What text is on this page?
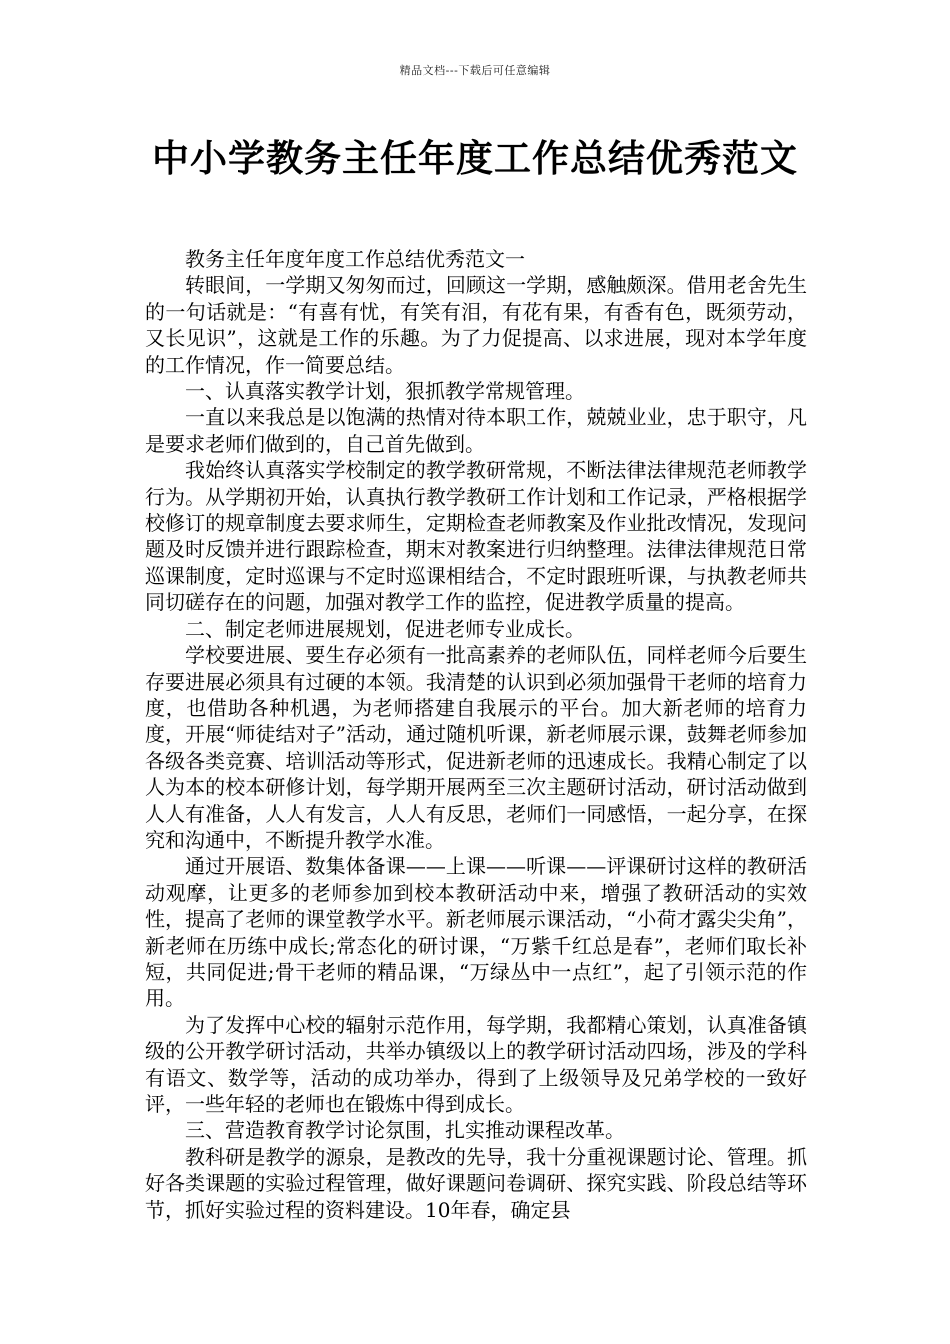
精品文档---下载后可任意编辑
中小学教务主任年度工作总结优秀范文

教务主任年度年度工作总结优秀范文一

转眼间，一学期又匆匆而过，回顾这一学期，感触颇深。借用老舍先生的一句话就是：“有喜有忧，有笑有泪，有花有果，有香有色，既须劳动，又长见识”，这就是工作的乐趣。为了力促提高、以求进展，现对本学年度的工作情况，作一简要总结。

一、认真落实教学计划，狠抓教学常规管理。

一直以来我总是以饱满的热情对待本职工作，兢兢业业，忠于职守，凡是要求老师们做到的，自己首先做到。

我始终认真落实学校制定的教学教研常规，不断法律法律规范老师教学行为。从学期初开始，认真执行教学教研工作计划和工作记录，严格根据学校修订的规章制度去要求师生，定期检查老师教案及作业批改情况，发现问题及时反馈并进行跟踪检查，期末对教案进行归纳整理。法律法律规范日常巡课制度，定时巡课与不定时巡课相结合，不定时跟班听课，与执教老师共同切磋存在的问题，加强对教学工作的监控，促进教学质量的提高。

二、制定老师进展规划，促进老师专业成长。

学校要进展、要生存必须有一批高素养的老师队伍，同样老师今后要生存要进展必须具有过硬的本领。我清楚的认识到必须加强骨干老师的培育力度，也借助各种机遇，为老师搭建自我展示的平台。加大新老师的培育力度，开展“师徒结对子”活动，通过随机听课，新老师展示课，鼓舞老师参加各级各类竞赛、培训活动等形式，促进新老师的迅速成长。我精心制定了以人为本的校本研修计划，每学期开展两至三次主题研讨活动，研讨活动做到人人有准备，人人有发言，人人有反思，老师们一同感悟，一起分享，在探究和沟通中，不断提升教学水准。

通过开展语、数集体备课——上课——听课——评课研讨这样的教研活动观摩，让更多的老师参加到校本教研活动中来，增强了教研活动的实效性，提高了老师的课堂教学水平。新老师展示课活动，“小荷才露尖尖角”，新老师在历练中成长;常态化的研讨课，“万紫千红总是春”，老师们取长补短，共同促进;骨干老师的精品课，“万绿丛中一点红”，起了引领示范的作用。

为了发挥中心校的辐射示范作用，每学期，我都精心策划，认真准备镇级的公开教学研讨活动，共举办镇级以上的教学研讨活动四场，涉及的学科有语文、数学等，活动的成功举办，得到了上级领导及兄弟学校的一致好评，一些年轻的老师也在锻炼中得到成长。

三、营造教育教学讨论氛围，扎实推动课程改革。

教科研是教学的源泉，是教改的先导，我十分重视课题讨论、管理。抓好各类课题的实验过程管理，做好课题问卷调研、探究实践、阶段总结等环节，抓好实验过程的资料建设。10年春，确定县
